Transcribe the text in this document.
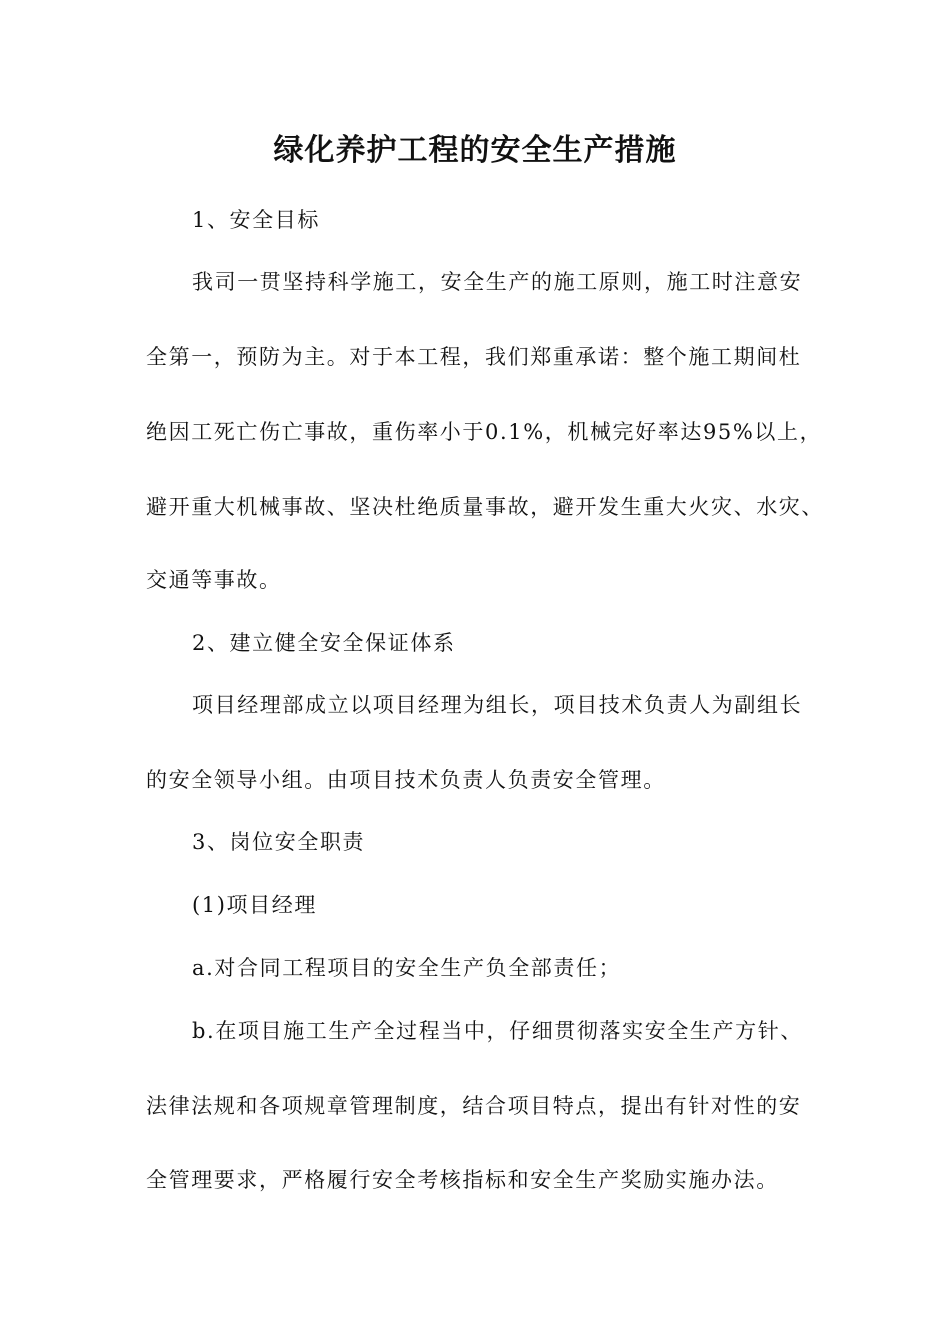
绿化养护工程的安全生产措施
1、安全目标
我司一贯坚持科学施工，安全生产的施工原则，施工时注意安
全第一，预防为主。对于本工程，我们郑重承诺：整个施工期间杜
绝因工死亡伤亡事故，重伤率小于0.1%，机械完好率达95%以上，
避开重大机械事故、坚决杜绝质量事故，避开发生重大火灾、水灾、
交通等事故。
2、建立健全安全保证体系
项目经理部成立以项目经理为组长，项目技术负责人为副组长
的安全领导小组。由项目技术负责人负责安全管理。
3、岗位安全职责
(1)项目经理
a.对合同工程项目的安全生产负全部责任；
b.在项目施工生产全过程当中，仔细贯彻落实安全生产方针、
法律法规和各项规章管理制度，结合项目特点，提出有针对性的安
全管理要求，严格履行安全考核指标和安全生产奖励实施办法。
